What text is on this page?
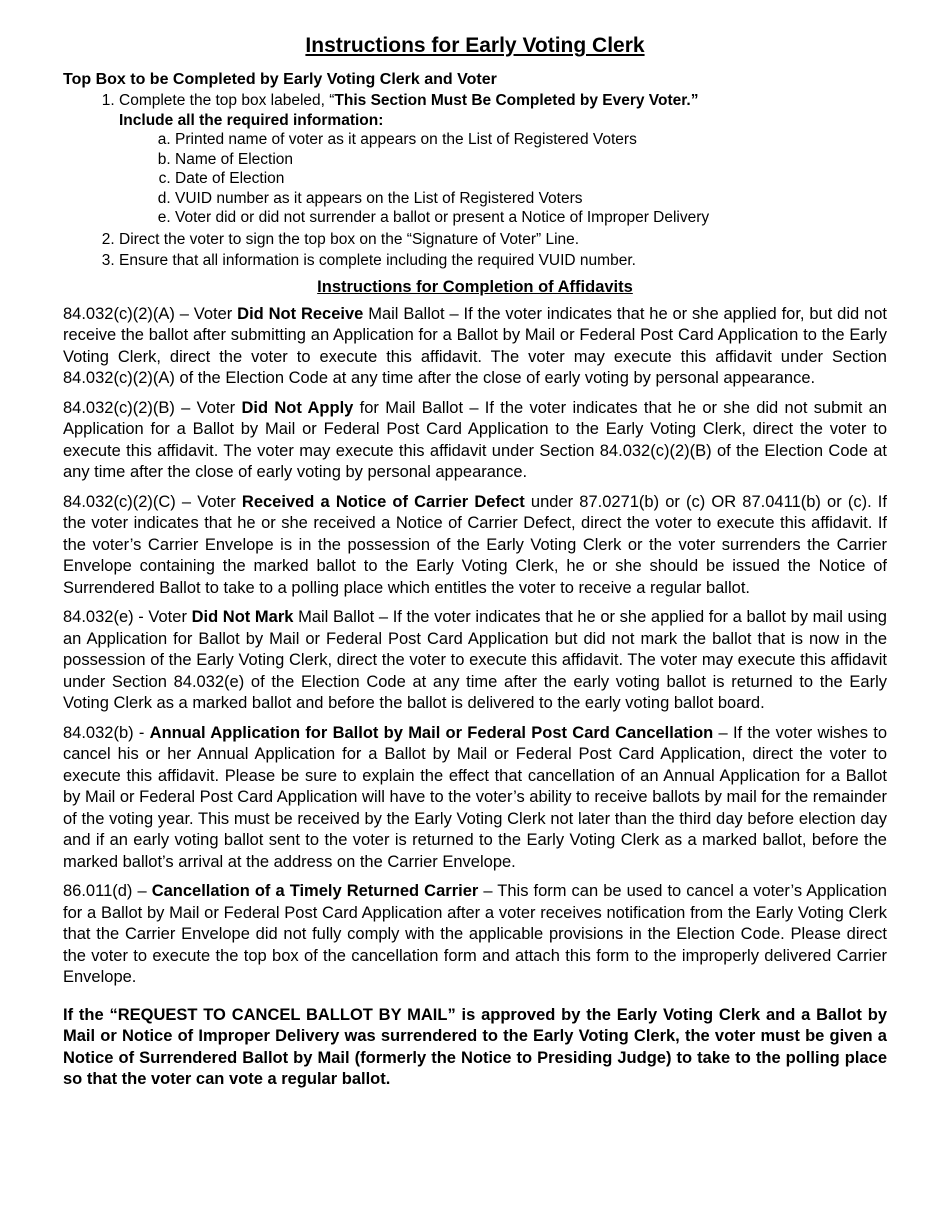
Instructions for Early Voting Clerk

Top Box to be Completed by Early Voting Clerk and Voter

1. Complete the top box labeled, “This Section Must Be Completed by Every Voter.”
Include all the required information:
a. Printed name of voter as it appears on the List of Registered Voters
b. Name of Election
c. Date of Election
d. VUID number as it appears on the List of Registered Voters
e. Voter did or did not surrender a ballot or present a Notice of Improper Delivery
2. Direct the voter to sign the top box on the “Signature of Voter” Line.
3. Ensure that all information is complete including the required VUID number.
Instructions for Completion of Affidavits

84.032(c)(2)(A) – Voter Did Not Receive Mail Ballot – If the voter indicates that he or she applied for, but did not receive the ballot after submitting an Application for a Ballot by Mail or Federal Post Card Application to the Early Voting Clerk, direct the voter to execute this affidavit. The voter may execute this affidavit under Section 84.032(c)(2)(A) of the Election Code at any time after the close of early voting by personal appearance.

84.032(c)(2)(B) – Voter Did Not Apply for Mail Ballot – If the voter indicates that he or she did not submit an Application for a Ballot by Mail or Federal Post Card Application to the Early Voting Clerk, direct the voter to execute this affidavit. The voter may execute this affidavit under Section 84.032(c)(2)(B) of the Election Code at any time after the close of early voting by personal appearance.

84.032(c)(2)(C) – Voter Received a Notice of Carrier Defect under 87.0271(b) or (c) OR 87.0411(b) or (c). If the voter indicates that he or she received a Notice of Carrier Defect, direct the voter to execute this affidavit. If the voter’s Carrier Envelope is in the possession of the Early Voting Clerk or the voter surrenders the Carrier Envelope containing the marked ballot to the Early Voting Clerk, he or she should be issued the Notice of Surrendered Ballot to take to a polling place which entitles the voter to receive a regular ballot.

84.032(e) - Voter Did Not Mark Mail Ballot – If the voter indicates that he or she applied for a ballot by mail using an Application for Ballot by Mail or Federal Post Card Application but did not mark the ballot that is now in the possession of the Early Voting Clerk, direct the voter to execute this affidavit. The voter may execute this affidavit under Section 84.032(e) of the Election Code at any time after the early voting ballot is returned to the Early Voting Clerk as a marked ballot and before the ballot is delivered to the early voting ballot board.

84.032(b) - Annual Application for Ballot by Mail or Federal Post Card Cancellation – If the voter wishes to cancel his or her Annual Application for a Ballot by Mail or Federal Post Card Application, direct the voter to execute this affidavit. Please be sure to explain the effect that cancellation of an Annual Application for a Ballot by Mail or Federal Post Card Application will have to the voter’s ability to receive ballots by mail for the remainder of the voting year. This must be received by the Early Voting Clerk not later than the third day before election day and if an early voting ballot sent to the voter is returned to the Early Voting Clerk as a marked ballot, before the marked ballot’s arrival at the address on the Carrier Envelope.

86.011(d) – Cancellation of a Timely Returned Carrier – This form can be used to cancel a voter’s Application for a Ballot by Mail or Federal Post Card Application after a voter receives notification from the Early Voting Clerk that the Carrier Envelope did not fully comply with the applicable provisions in the Election Code. Please direct the voter to execute the top box of the cancellation form and attach this form to the improperly delivered Carrier Envelope.

If the “REQUEST TO CANCEL BALLOT BY MAIL” is approved by the Early Voting Clerk and a Ballot by Mail or Notice of Improper Delivery was surrendered to the Early Voting Clerk, the voter must be given a Notice of Surrendered Ballot by Mail (formerly the Notice to Presiding Judge) to take to the polling place so that the voter can vote a regular ballot.
